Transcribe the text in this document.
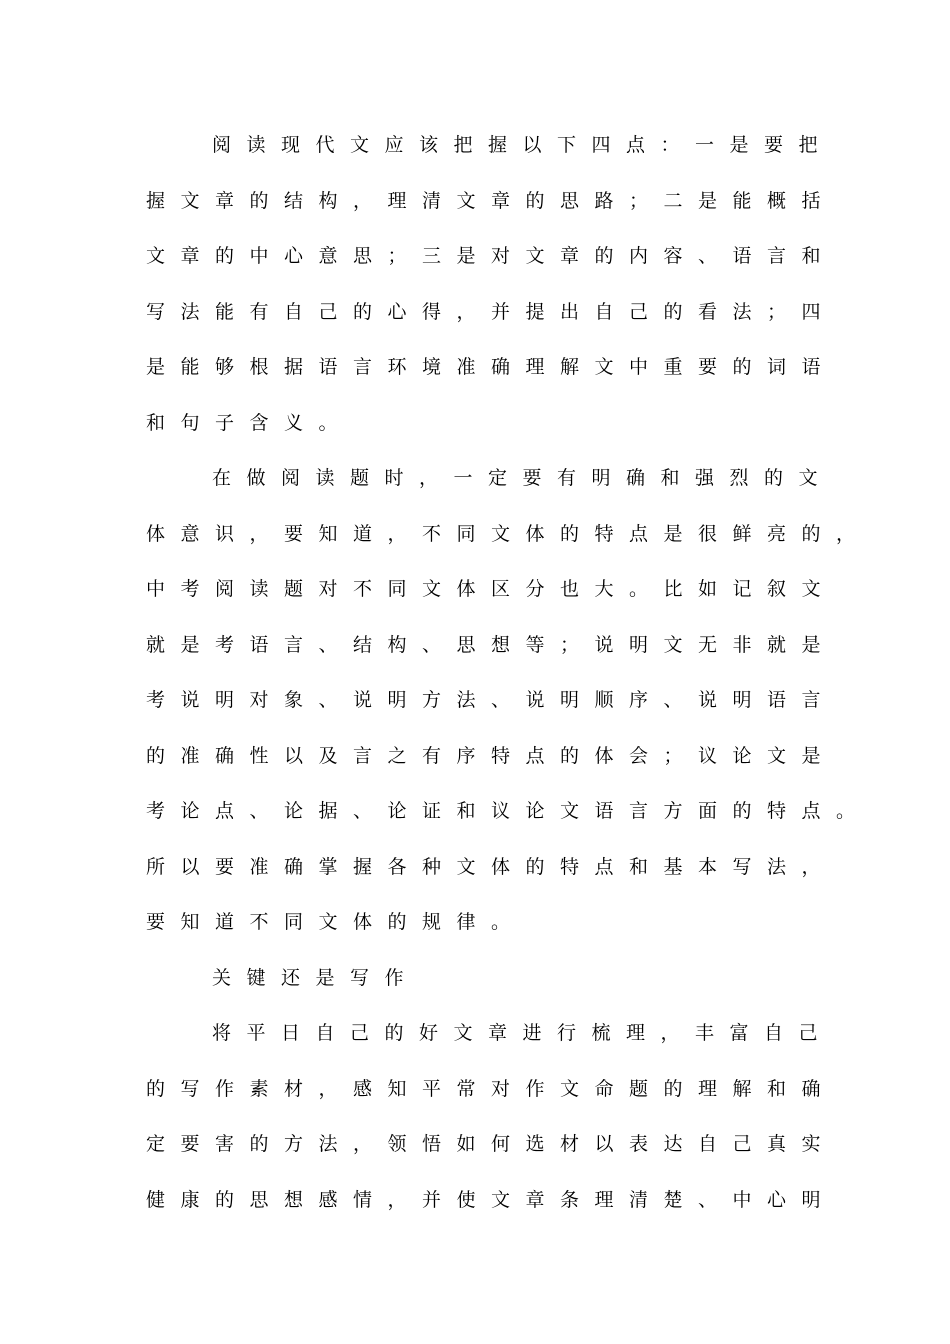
阅读现代文应该把握以下四点：一是要把
握文章的结构，理清文章的思路；二是能概括
文章的中心意思；三是对文章的内容、语言和
写法能有自己的心得，并提出自己的看法；四
是能够根据语言环境准确理解文中重要的词语
和句子含义。
在做阅读题时，一定要有明确和强烈的文
体意识，要知道，不同文体的特点是很鲜亮的，
中考阅读题对不同文体区分也大。比如记叙文
就是考语言、结构、思想等；说明文无非就是
考说明对象、说明方法、说明顺序、说明语言
的准确性以及言之有序特点的体会；议论文是
考论点、论据、论证和议论文语言方面的特点。
所以要准确掌握各种文体的特点和基本写法，
要知道不同文体的规律。
关键还是写作
将平日自己的好文章进行梳理，丰富自己
的写作素材，感知平常对作文命题的理解和确
定要害的方法，领悟如何选材以表达自己真实
健康的思想感情，并使文章条理清楚、中心明
